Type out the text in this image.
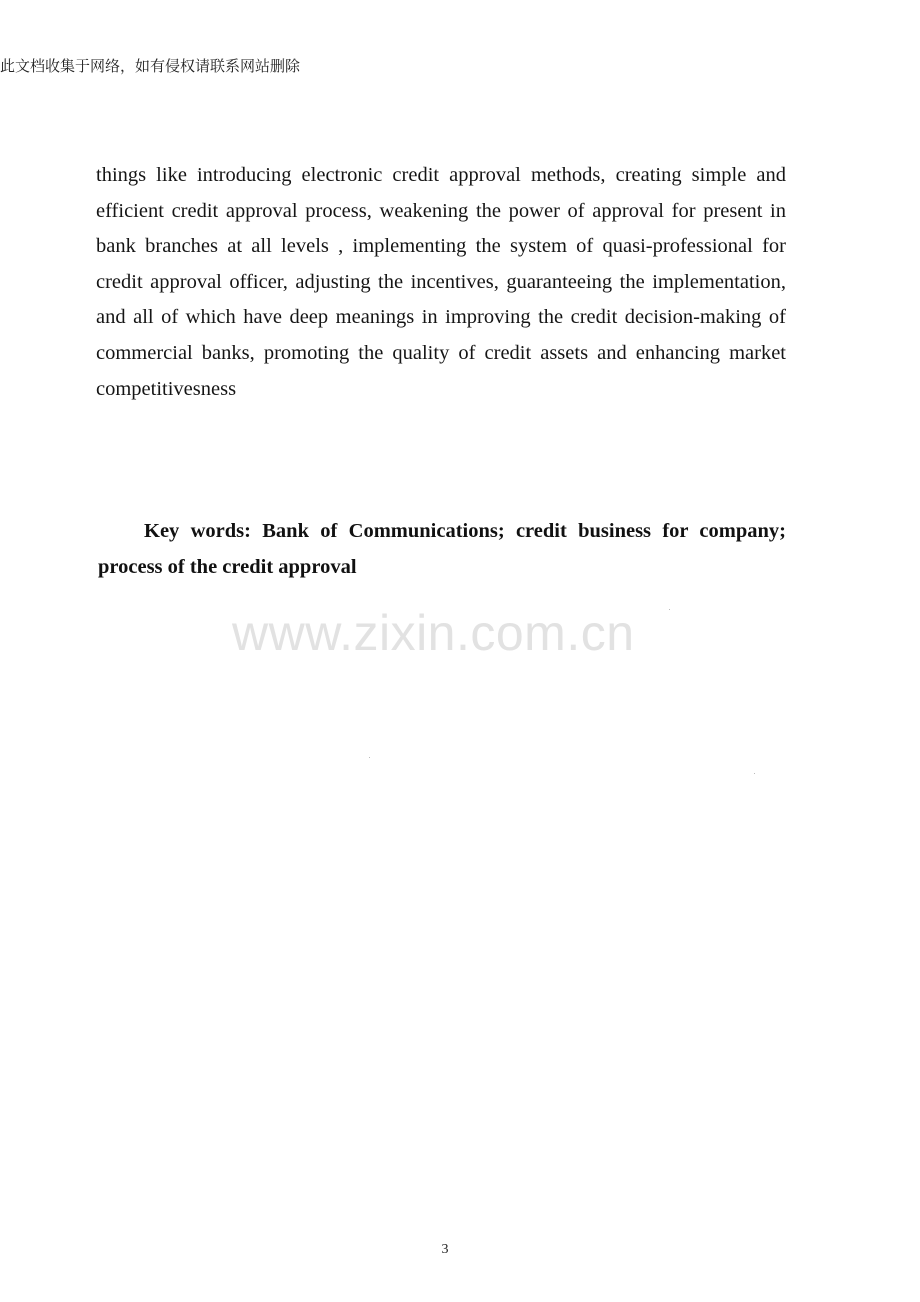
此文档收集于网络，如有侵权请联系网站删除
things like introducing electronic credit approval methods, creating simple and efficient credit approval process, weakening the power of approval for present in bank branches at all levels , implementing the system of quasi-professional for credit approval officer, adjusting the incentives, guaranteeing the implementation, and all of which have deep meanings in improving the credit decision-making of commercial banks, promoting the quality of credit assets and enhancing market competitivesness
Key words: Bank of Communications; credit business for company; process of the credit approval
www.zixin.com.cn
3
